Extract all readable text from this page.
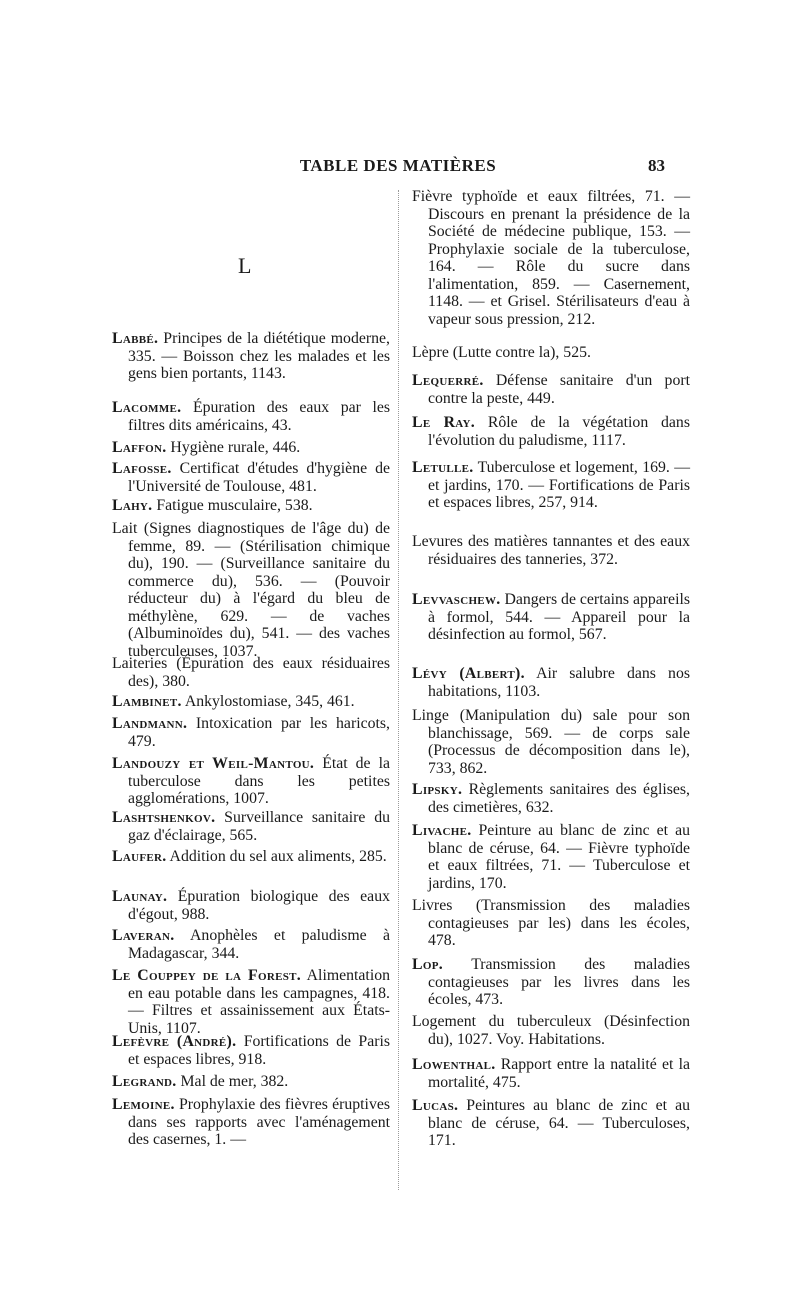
TABLE DES MATIÈRES	83
L
Labbé. Principes de la diététique moderne, 335. — Boisson chez les malades et les gens bien portants, 1143.
Lacomme. Épuration des eaux par les filtres dits américains, 43.
Laffon. Hygiène rurale, 446.
Lafosse. Certificat d'études d'hygiène de l'Université de Toulouse, 481.
Lahy. Fatigue musculaire, 538.
Lait (Signes diagnostiques de l'âge du) de femme, 89. — (Stérilisation chimique du), 190. — (Surveillance sanitaire du commerce du), 536. — (Pouvoir réducteur du) à l'égard du bleu de méthylène, 629. — de vaches (Albuminoïdes du), 541. — des vaches tuberculeuses, 1037.
Laiteries (Épuration des eaux résiduaires des), 380.
Lambinet. Ankylostomiase, 345, 461.
Landmann. Intoxication par les haricots, 479.
Landouzy et Weil-Mantou. État de la tuberculose dans les petites agglomérations, 1007.
Lashtshenkov. Surveillance sanitaire du gaz d'éclairage, 565.
Laufer. Addition du sel aux aliments, 285.
Launay. Épuration biologique des eaux d'égout, 988.
Laveran. Anophèles et paludisme à Madagascar, 344.
Le Couppey de la Forest. Alimentation en eau potable dans les campagnes, 418. — Filtres et assainissement aux États-Unis, 1107.
Lefèvre (André). Fortifications de Paris et espaces libres, 918.
Legrand. Mal de mer, 382.
Lemoine. Prophylaxie des fièvres éruptives dans ses rapports avec l'aménagement des casernes, 1. —
Fièvre typhoïde et eaux filtrées, 71. — Discours en prenant la présidence de la Société de médecine publique, 153. — Prophylaxie sociale de la tuberculose, 164. — Rôle du sucre dans l'alimentation, 859. — Casernement, 1148. — et Grisel. Stérilisateurs d'eau à vapeur sous pression, 212.
Lèpre (Lutte contre la), 525.
Lequerré. Défense sanitaire d'un port contre la peste, 449.
Le Ray. Rôle de la végétation dans l'évolution du paludisme, 1117.
Letulle. Tuberculose et logement, 169. — et jardins, 170. — Fortifications de Paris et espaces libres, 257, 914.
Levures des matières tannantes et des eaux résiduaires des tanneries, 372.
Levvaschew. Dangers de certains appareils à formol, 544. — Appareil pour la désinfection au formol, 567.
Lévy (Albert). Air salubre dans nos habitations, 1103.
Linge (Manipulation du) sale pour son blanchissage, 569. — de corps sale (Processus de décomposition dans le), 733, 862.
Lipsky. Règlements sanitaires des églises, des cimetières, 632.
Livache. Peinture au blanc de zinc et au blanc de céruse, 64. — Fièvre typhoïde et eaux filtrées, 71. — Tuberculose et jardins, 170.
Livres (Transmission des maladies contagieuses par les) dans les écoles, 478.
Lop. Transmission des maladies contagieuses par les livres dans les écoles, 473.
Logement du tuberculeux (Désinfection du), 1027. Voy. Habitations.
Lowenthal. Rapport entre la natalité et la mortalité, 475.
Lucas. Peintures au blanc de zinc et au blanc de céruse, 64. — Tuberculoses, 171.
